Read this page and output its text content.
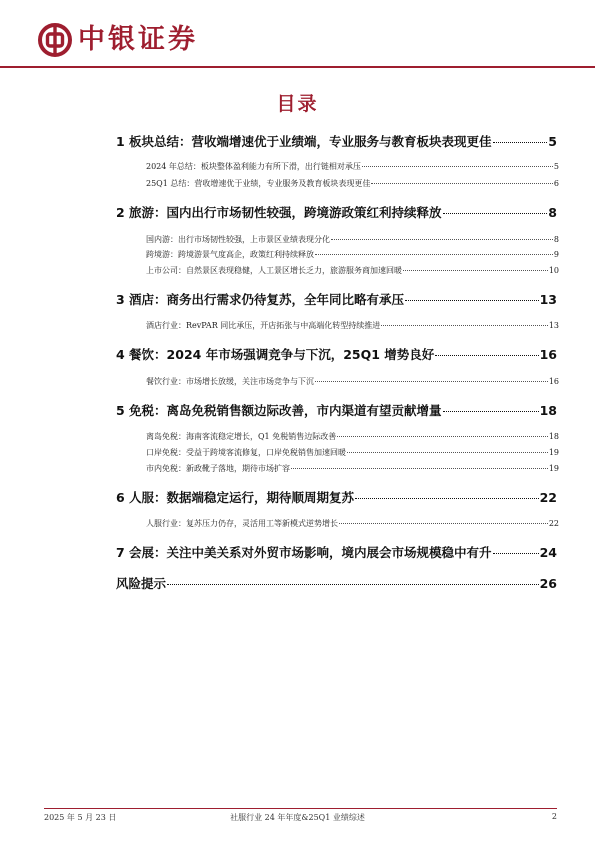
中银证券
目录
1 板块总结：营收端增速优于业绩端，专业服务与教育板块表现更佳	5
2024 年总结：板块整体盈利能力有所下滑，出行链相对承压	5
25Q1 总结：营收增速优于业绩，专业服务及教育板块表现更佳	6
2 旅游：国内出行市场韧性较强，跨境游政策红利持续释放	8
国内游：出行市场韧性较强，上市景区业绩表现分化	8
跨境游：跨境游景气度高企，政策红利持续释放	9
上市公司：自然景区表现稳健，人工景区增长乏力，旅游服务商加速回暖	10
3 酒店：商务出行需求仍待复苏，全年同比略有承压	13
酒店行业：RevPAR 同比承压，开店拓张与中高端化转型持续推进	13
4 餐饮：2024 年市场强调竞争与下沉，25Q1 增势良好	16
餐饮行业：市场增长放缓，关注市场竞争与下沉	16
5 免税：离岛免税销售额边际改善，市内渠道有望贡献增量	18
离岛免税：海南客流稳定增长，Q1 免税销售边际改善	18
口岸免税：受益于跨境客流修复，口岸免税销售加速回暖	19
市内免税：新政靴子落地，期待市场扩容	19
6 人服：数据端稳定运行，期待顺周期复苏	22
人服行业：复苏压力仍存，灵活用工等新模式逆势增长	22
7 会展：关注中美关系对外贸市场影响，境内展会市场规模稳中有升	24
风险提示	26
2025 年 5 月 23 日	社服行业 24 年年度&25Q1 业绩综述	2
